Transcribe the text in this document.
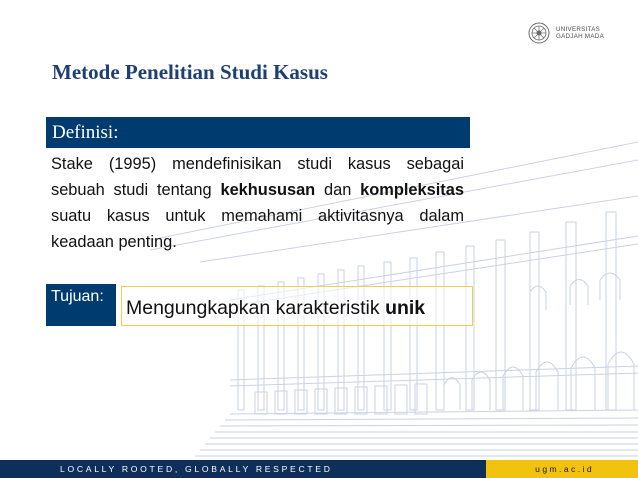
UNIVERSITAS
GADJAH MADA
Metode Penelitian Studi Kasus
Definisi:
Stake (1995) mendefinisikan studi kasus sebagai sebuah studi tentang kekhususan dan kompleksitas suatu kasus untuk memahami aktivitasnya dalam keadaan penting.
Tujuan:
Mengungkapkan karakteristik unik
LOCALLY ROOTED, GLOBALLY RESPECTED	ugm.ac.id
